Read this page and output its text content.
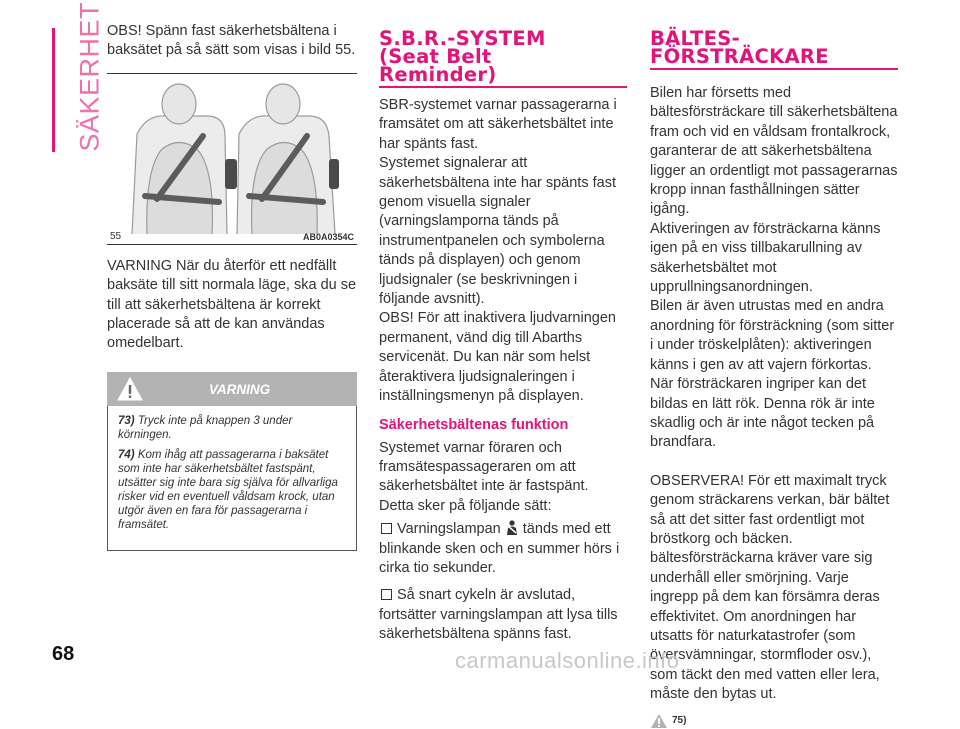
SÄKERHET OBS! Spänn fast säkerhetsbältena i baksätet på så sätt som visas i bild 55.

55	AB0A0354C

VARNING När du återför ett nedfällt baksäte till sitt normala läge, ska du se till att säkerhetsbältena är korrekt placerade så att de kan användas omedelbart.

VARNING

73) Tryck inte på knappen 3 under körningen.

74) Kom ihåg att passagerarna i baksätet som inte har säkerhetsbältet fastspänt, utsätter sig inte bara sig själva för allvarliga risker vid en eventuell våldsam krock, utan utgör även en fara för passagerarna i framsätet.

S.B.R.-SYSTEM
(Seat Belt
Reminder)

SBR-systemet varnar passagerarna i framsätet om att säkerhetsbältet inte har spänts fast.

Systemet signalerar att säkerhetsbältena inte har spänts fast genom visuella signaler (varningslamporna tänds på instrumentpanelen och symbolerna tänds på displayen) och genom ljudsignaler (se beskrivningen i följande avsnitt).

OBS! För att inaktivera ljudvarningen permanent, vänd dig till Abarths servicenät. Du kan när som helst återaktivera ljudsignaleringen i inställningsmenyn på displayen.

Säkerhetsbältenas funktion

Systemet varnar föraren och framsätespassageraren om att säkerhetsbältet inte är fastspänt. Detta sker på följande sätt:

Varningslampan tänds med ett blinkande sken och en summer hörs i cirka tio sekunder.

Så snart cykeln är avslutad, fortsätter varningslampan att lysa tills säkerhetsbältena spänns fast.

BÄLTES-
FÖRSTRÄCKARE

Bilen har försetts med bältesförsträckare till säkerhetsbältena fram och vid en våldsam frontalkrock, garanterar de att säkerhetsbältena ligger an ordentligt mot passagerarnas kropp innan fasthållningen sätter igång.

Aktiveringen av försträckarna känns igen på en viss tillbakarullning av säkerhetsbältet mot upprullningsanordningen.

Bilen är även utrustas med en andra anordning för försträckning (som sitter i under tröskelplåten): aktiveringen känns i gen av att vajern förkortas.

När försträckaren ingriper kan det bildas en lätt rök. Denna rök är inte skadlig och är inte något tecken på brandfara.

OBSERVERA! För ett maximalt tryck genom sträckarens verkan, bär bältet så att det sitter fast ordentligt mot bröstkorg och bäcken. bältesförsträckarna kräver vare sig underhåll eller smörjning. Varje ingrepp på dem kan försämra deras effektivitet. Om anordningen har utsatts för naturkatastrofer (som översvämningar, stormfloder osv.), som täckt den med vatten eller lera, måste den bytas ut.

75)
68	carmanualsonline.info
